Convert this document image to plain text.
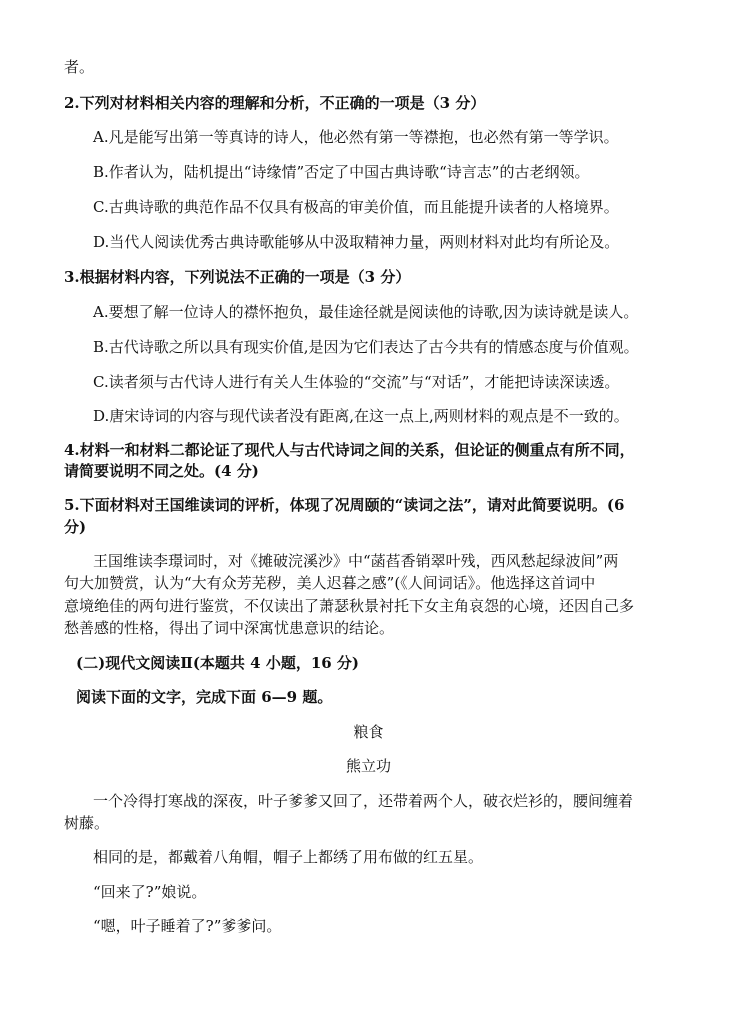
者。
2.下列对材料相关内容的理解和分析，不正确的一项是（3 分）
A.凡是能写出第一等真诗的诗人，他必然有第一等襟抱，也必然有第一等学识。
B.作者认为，陆机提出“诗缘情”否定了中国古典诗歌“诗言志”的古老纲领。
C.古典诗歌的典范作品不仅具有极高的审美价值，而且能提升读者的人格境界。
D.当代人阅读优秀古典诗歌能够从中汲取精神力量，两则材料对此均有所论及。
3.根据材料内容，下列说法不正确的一项是（3 分）
A.要想了解一位诗人的襟怀抱负，最佳途径就是阅读他的诗歌,因为读诗就是读人。
B.古代诗歌之所以具有现实价值,是因为它们表达了古今共有的情感态度与价值观。
C.读者须与古代诗人进行有关人生体验的“交流”与“对话”，才能把诗读深读透。
D.唐宋诗词的内容与现代读者没有距离,在这一点上,两则材料的观点是不一致的。
4.材料一和材料二都论证了现代人与古代诗词之间的关系，但论证的侧重点有所不同，
请简要说明不同之处。(4 分)
5.下面材料对王国维读词的评析，体现了况周颐的“读词之法”，请对此简要说明。(6
分)
王国维读李璟词时，对《摊破浣溪沙》中“菡萏香销翠叶残，西风愁起绿波间”两
句大加赞赏，认为“大有众芳芜秽，美人迟暮之感”(《人间词话》。他选择这首词中
意境绝佳的两句进行鉴赏，不仅读出了萧瑟秋景衬托下女主角哀怨的心境，还因自己多
愁善感的性格，得出了词中深寓忧患意识的结论。
(二)现代文阅读Ⅱ(本题共 4 小题，16 分)
阅读下面的文字，完成下面 6—9 题。
粮食
熊立功
一个冷得打寒战的深夜，叶子爹爹又回了，还带着两个人，破衣烂衫的，腰间缠着
树藤。
相同的是，都戴着八角帽，帽子上都绣了用布做的红五星。
“回来了?”娘说。
“嗯，叶子睡着了?”爹爹问。
